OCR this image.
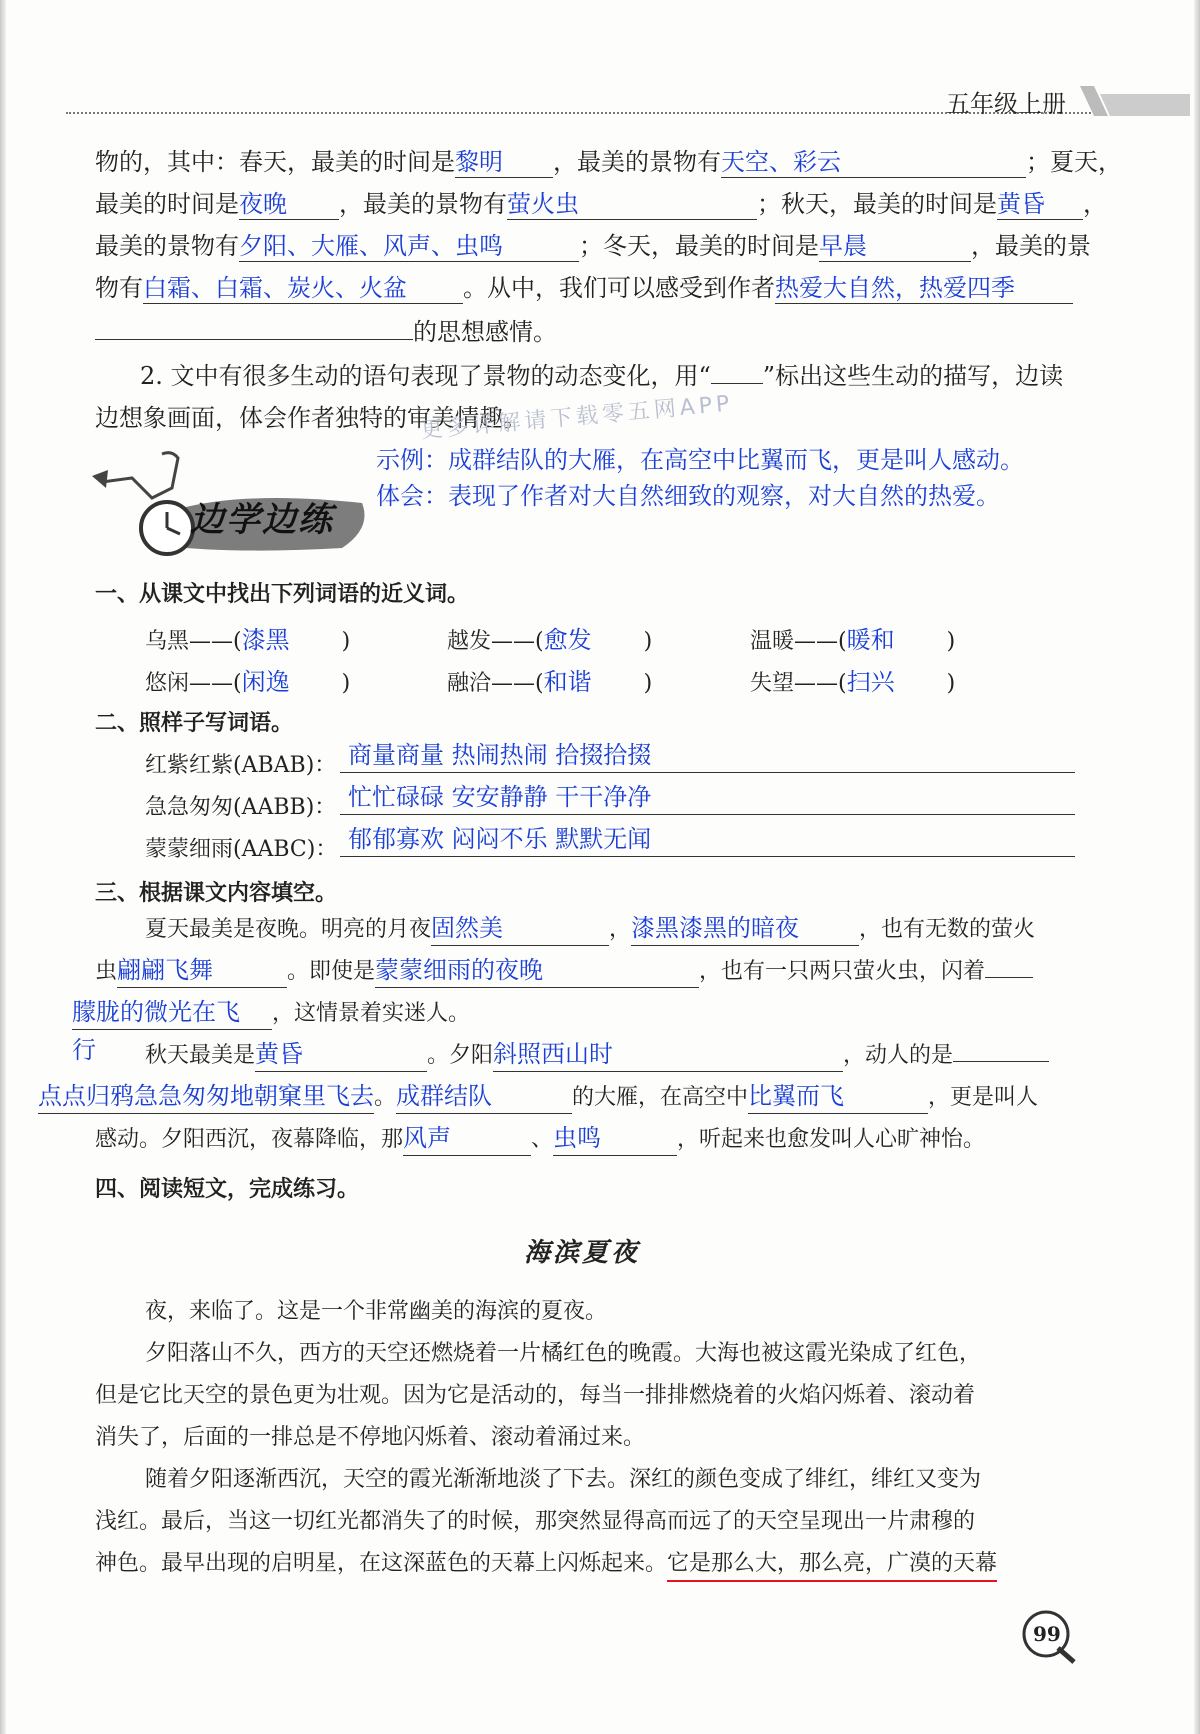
五年级上册
物的，其中：春天，最美的时间是黎明 ，最美的景物有天空、彩云	；夏天，
最美的时间是夜晚 ，最美的景物有萤火虫	；秋天，最美的时间是黄昏 ，
最美的景物有夕阳、大雁、风声、虫鸣	；冬天，最美的时间是早晨	，最美的景
物有白霜、白霜、炭火、火盆 。从中，我们可以感受到作者热爱大自然，热爱四季
的思想感情。
2. 文中有很多生动的语句表现了景物的动态变化，用“ ”标出这些生动的描写，边读
边想象画面，体会作者独特的审美情趣。
更多详解请下载零五网APP
示例：成群结队的大雁，在高空中比翼而飞，更是叫人感动。
体会：表现了作者对大自然细致的观察，对大自然的热爱。
边学边练
一、从课文中找出下列词语的近义词。
乌黑——(漆黑 )	越发——(愈发 )	温暖——(暖和 )
悠闲——(闲逸 )	融洽——(和谐 )	失望——(扫兴 )
二、照样子写词语。
红紫红紫(ABAB)： 商量商量 热闹热闹 拾掇拾掇
急急匆匆(AABB)： 忙忙碌碌 安安静静 干干净净
蒙蒙细雨(AABC)： 郁郁寡欢 闷闷不乐 默默无闻
三、根据课文内容填空。
夏天最美是夜晚。明亮的月夜固然美	，漆黑漆黑的暗夜	，也有无数的萤火
虫翩翩飞舞	。即使是蒙蒙细雨的夜晚	，也有一只两只萤火虫，闪着
朦胧的微光在飞 ，这情景着实迷人。
行 秋天最美是黄昏	。夕阳斜照西山时	，动人的是
点点归鸦急急匆匆地朝窠里飞去。成群结队	的大雁，在高空中比翼而飞	，更是叫人
感动。夕阳西沉，夜幕降临，那风声	、虫鸣	，听起来也愈发叫人心旷神怡。
四、阅读短文，完成练习。
海滨夏夜
夜，来临了。这是一个非常幽美的海滨的夏夜。
夕阳落山不久，西方的天空还燃烧着一片橘红色的晚霞。大海也被这霞光染成了红色，
但是它比天空的景色更为壮观。因为它是活动的，每当一排排燃烧着的火焰闪烁着、滚动着
消失了，后面的一排总是不停地闪烁着、滚动着涌过来。
随着夕阳逐渐西沉，天空的霞光渐渐地淡了下去。深红的颜色变成了绯红，绯红又变为
浅红。最后，当这一切红光都消失了的时候，那突然显得高而远了的天空呈现出一片肃穆的
神色。最早出现的启明星，在这深蓝色的天幕上闪烁起来。它是那么大，那么亮，广漠的天幕
99
